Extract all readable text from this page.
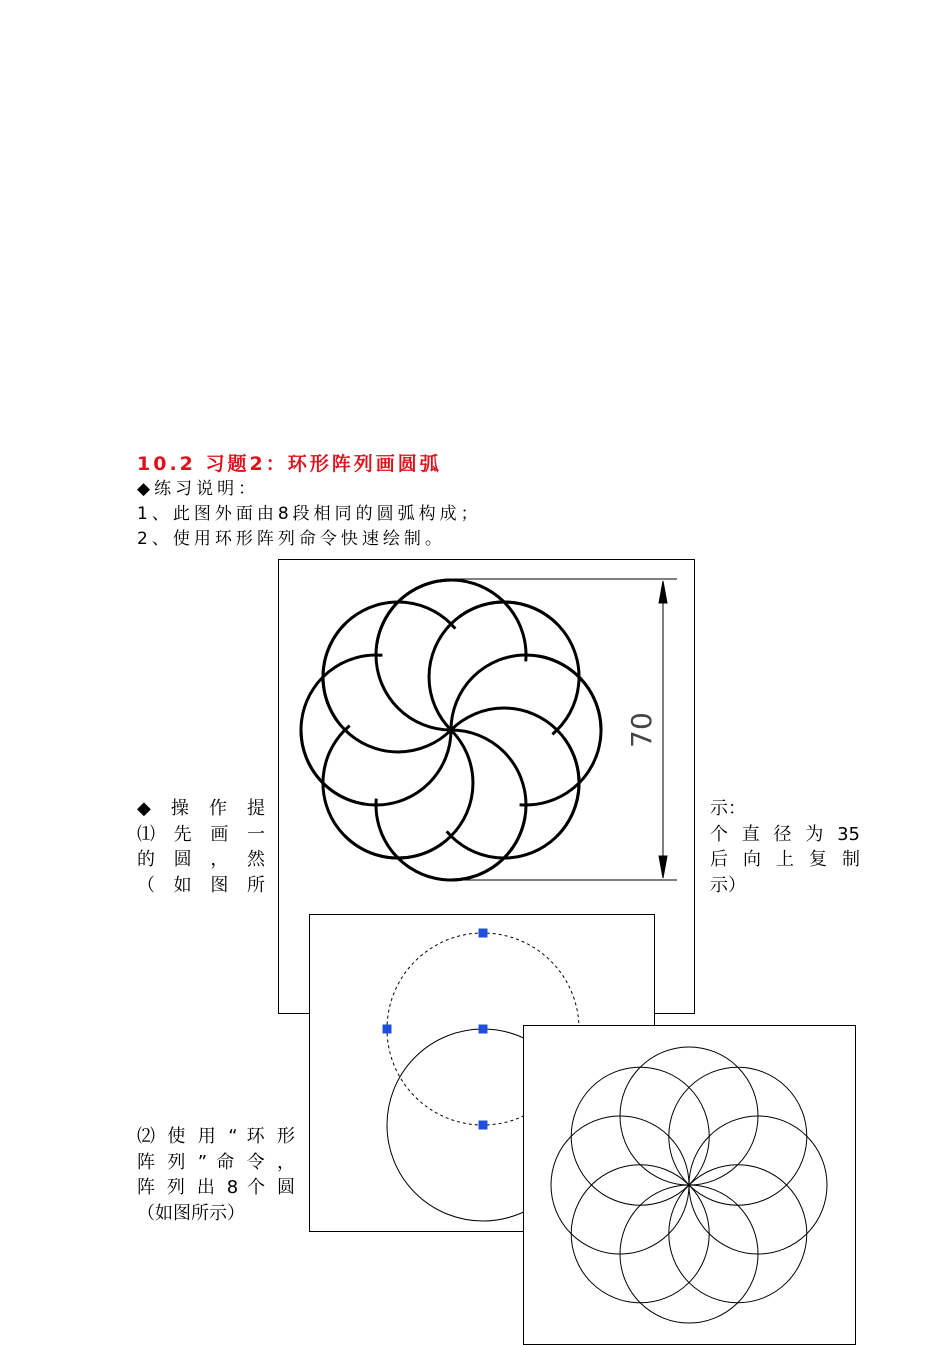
10.2 习题2：环形阵列画圆弧
◆练习说明：
1、此图外面由8段相同的圆弧构成；
2、使用环形阵列命令快速绘制。
70
◆ 操 作 提
⑴ 先 画 一
的 圆 ， 然
（ 如 图 所
示：
个 直 径 为 35
后 向 上 复 制
示）
⑵ 使 用 “ 环 形
阵 列 ” 命 令 ，
阵 列 出 8 个 圆
（如图所示）
